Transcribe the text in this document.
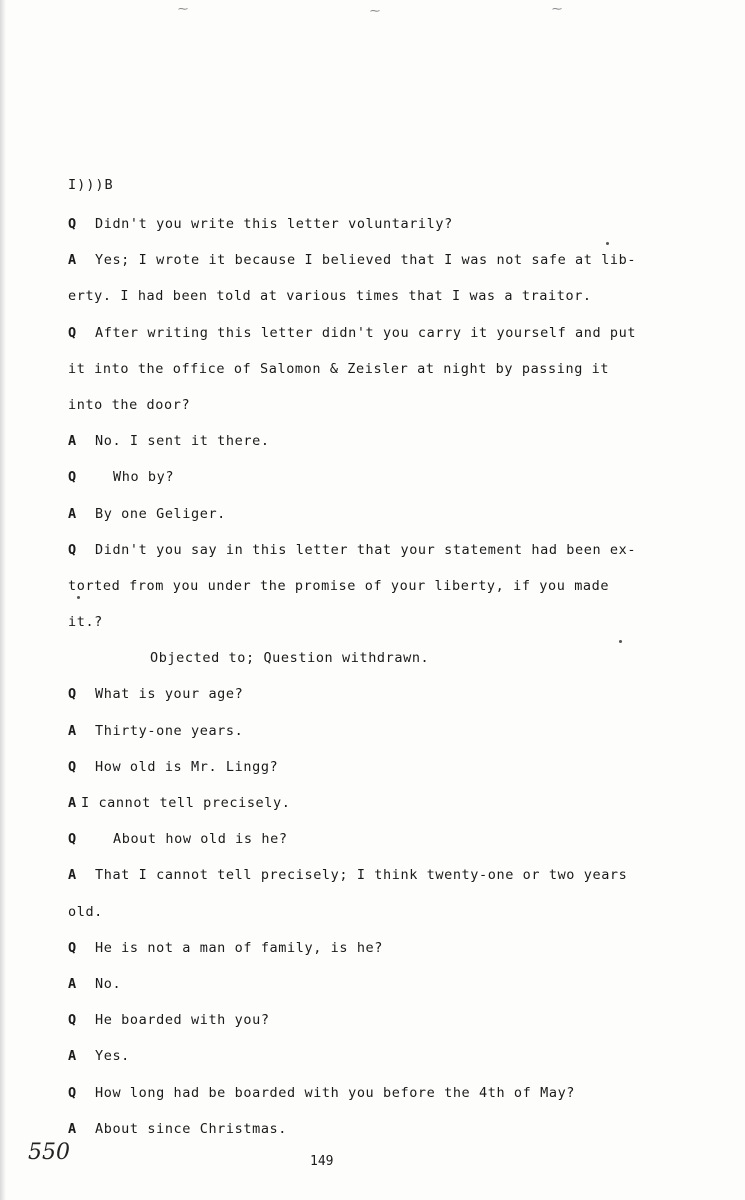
⁓	⁓	⁓
I)))B
Q Didn't you write this letter voluntarily?
A Yes; I wrote it because I believed that I was not safe at lib-
erty. I had been told at various times that I was a traitor.
Q After writing this letter didn't you carry it yourself and put
it into the office of Salomon & Zeisler at night by passing it
into the door?
A No. I sent it there.
Q	Who by?
A By one Geliger.
Q Didn't you say in this letter that your statement had been ex-
torted from you under the promise of your liberty, if you made
it.?
Objected to; Question withdrawn.
Q What is your age?
A Thirty-one years.
Q How old is Mr. Lingg?
A I cannot tell precisely.
Q	About how old is he?
A That I cannot tell precisely; I think twenty-one or two years
old.
Q He is not a man of family, is he?
A No.
Q He boarded with you?
A Yes.
Q How long had be boarded with you before the 4th of May?
A About since Christmas.
550	149
